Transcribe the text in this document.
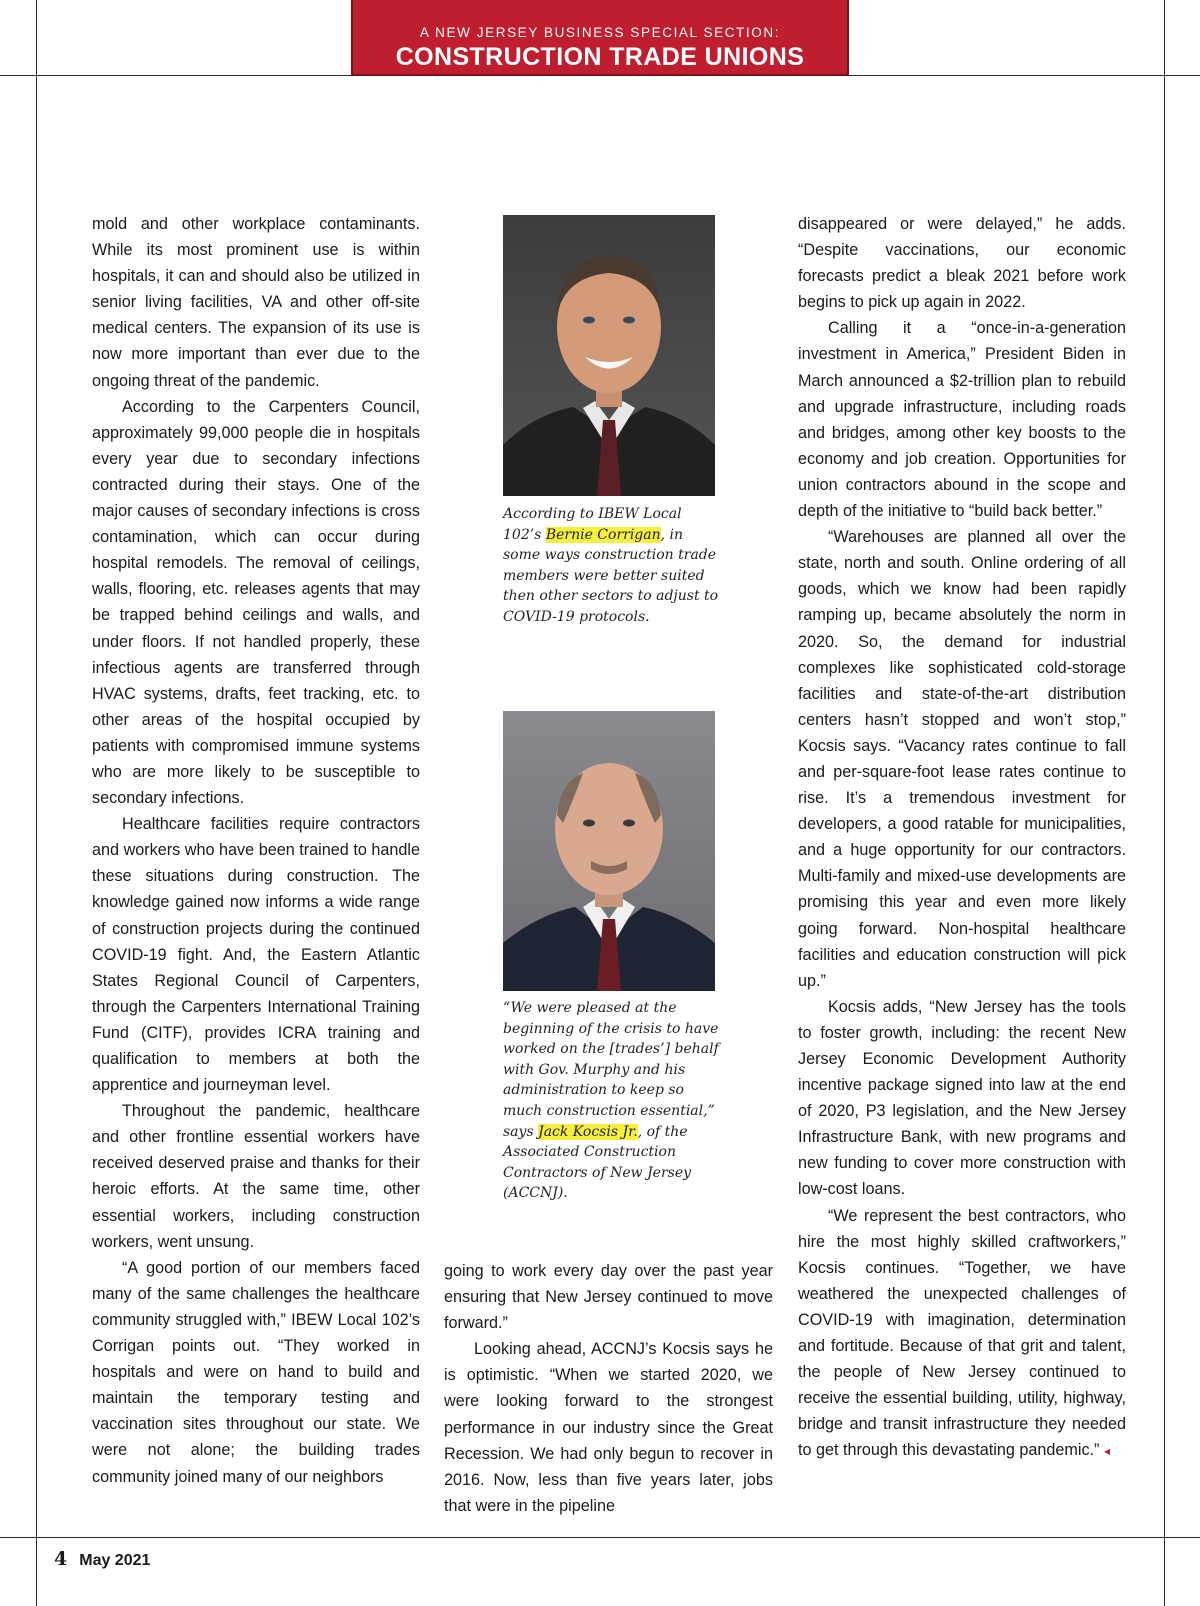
A NEW JERSEY BUSINESS SPECIAL SECTION:
CONSTRUCTION TRADE UNIONS

mold and other workplace contaminants. While its most prominent use is within hospitals, it can and should also be utilized in senior living facilities, VA and other off-site medical centers. The expansion of its use is now more important than ever due to the ongoing threat of the pandemic.

According to the Carpenters Council, approximately 99,000 people die in hospitals every year due to secondary infections contracted during their stays. One of the major causes of secondary infections is cross contamination, which can occur during hospital remodels. The removal of ceilings, walls, flooring, etc. releases agents that may be trapped behind ceilings and walls, and under floors. If not handled properly, these infectious agents are transferred through HVAC systems, drafts, feet tracking, etc. to other areas of the hospital occupied by patients with compromised immune systems who are more likely to be susceptible to secondary infections.

Healthcare facilities require contractors and workers who have been trained to handle these situations during construction. The knowledge gained now informs a wide range of construction projects during the continued COVID-19 fight. And, the Eastern Atlantic States Regional Council of Carpenters, through the Carpenters International Training Fund (CITF), provides ICRA training and qualification to members at both the apprentice and journeyman level.

Throughout the pandemic, healthcare and other frontline essential workers have received deserved praise and thanks for their heroic efforts. At the same time, other essential workers, including construction workers, went unsung.

“A good portion of our members faced many of the same challenges the healthcare community struggled with,” IBEW Local 102’s Corrigan points out. “They worked in hospitals and were on hand to build and maintain the temporary testing and vaccination sites throughout our state. We were not alone; the building trades community joined many of our neighbors

According to IBEW Local 102’s Bernie Corrigan, in some ways construction trade members were better suited then other sectors to adjust to COVID-19 protocols.
“We were pleased at the beginning of the crisis to have worked on the [trades’] behalf with Gov. Murphy and his administration to keep so much construction essential,” says Jack Kocsis Jr., of the Associated Construction Contractors of New Jersey (ACCNJ).

going to work every day over the past year ensuring that New Jersey continued to move forward.”

Looking ahead, ACCNJ’s Kocsis says he is optimistic. “When we started 2020, we were looking forward to the strongest performance in our industry since the Great Recession. We had only begun to recover in 2016. Now, less than five years later, jobs that were in the pipeline

disappeared or were delayed,” he adds. “Despite vaccinations, our economic forecasts predict a bleak 2021 before work begins to pick up again in 2022.

Calling it a “once-in-a-generation investment in America,” President Biden in March announced a $2-trillion plan to rebuild and upgrade infrastructure, including roads and bridges, among other key boosts to the economy and job creation. Opportunities for union contractors abound in the scope and depth of the initiative to “build back better.”

“Warehouses are planned all over the state, north and south. Online ordering of all goods, which we know had been rapidly ramping up, became absolutely the norm in 2020. So, the demand for industrial complexes like sophisticated cold-storage facilities and state-of-the-art distribution centers hasn’t stopped and won’t stop,” Kocsis says. “Vacancy rates continue to fall and per-square-foot lease rates continue to rise. It’s a tremendous investment for developers, a good ratable for municipalities, and a huge opportunity for our contractors. Multi-family and mixed-use developments are promising this year and even more likely going forward. Non-hospital healthcare facilities and education construction will pick up.”

Kocsis adds, “New Jersey has the tools to foster growth, including: the recent New Jersey Economic Development Authority incentive package signed into law at the end of 2020, P3 legislation, and the New Jersey Infrastructure Bank, with new programs and new funding to cover more construction with low-cost loans.

“We represent the best contractors, who hire the most highly skilled craftworkers,” Kocsis continues. “Together, we have weathered the unexpected challenges of COVID-19 with imagination, determination and fortitude. Because of that grit and talent, the people of New Jersey continued to receive the essential building, utility, highway, bridge and transit infrastructure they needed to get through this devastating pandemic.” ◂

4 May 2021
